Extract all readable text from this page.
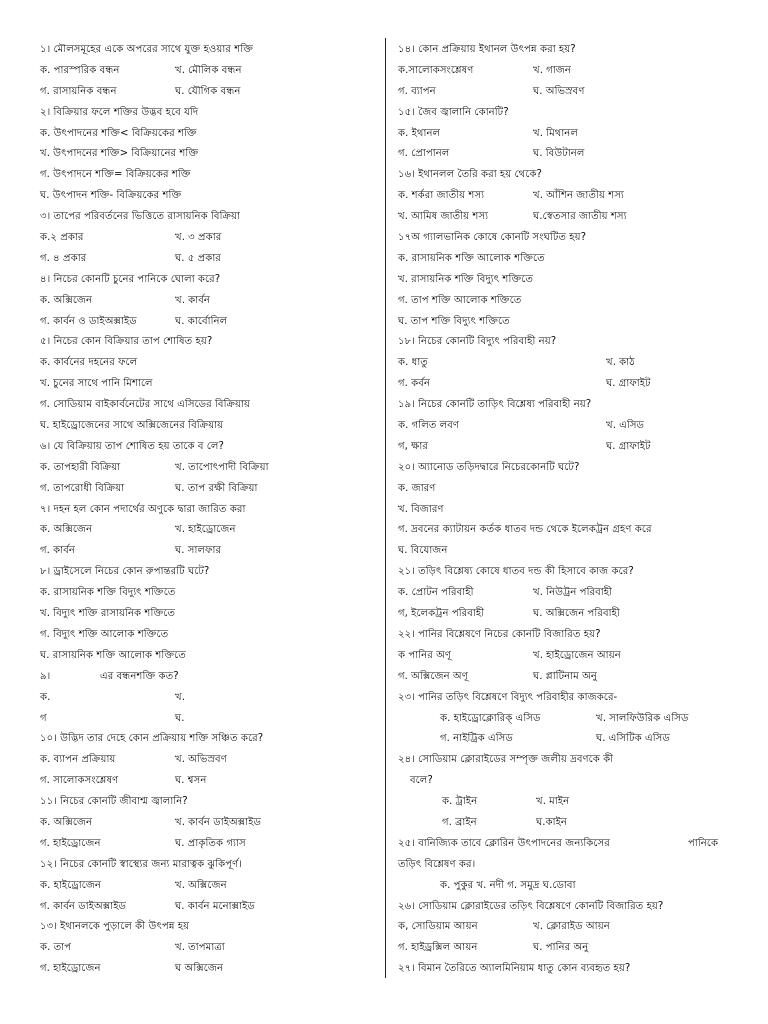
১। মৌলসমূহের একে অপরের সাথে যুক্ত হওয়ার শক্তি
ক. পারস্পরিক বন্ধন	খ. মৌলিক বন্ধন
গ. রাসায়নিক বন্ধন	ঘ. যৌগিক বন্ধন
২। বিক্রিয়ার ফলে শক্তির উদ্ভব হবে যদি
ক. উৎপাদনের শক্তি< বিক্রিয়কের শক্তি
খ. উৎপাদনের শক্তি> বিক্রিয়ানের শক্তি
গ. উৎপাদনে শক্তি= বিক্রিয়কের শক্তি
ঘ. উৎপাদন শক্তি- বিক্রিয়কের শক্তি
৩। তাপের পরিবর্তনের ভিত্তিতে রাসায়নিক বিক্রিয়া
ক.২ প্রকার	খ. ৩ প্রকার
গ. ৪ প্রকার	ঘ. ৫ প্রকার
৪। নিচের কোনটি চুনের পানিকে ঘোলা করে?
ক. অক্সিজেন	খ. কার্বন
গ. কার্বন ও ডাইঅক্সাইড	ঘ. কার্বোনিল
৫। নিচের কোন বিক্রিয়ার তাপ শোষিত হয়?
ক. কার্বনের দহনের ফলে
খ. চুনের সাথে পানি মিশালে
গ. সোডিয়াম বাইকার্বনেটের সাথে এসিডের বিক্রিয়ায়
ঘ. হাইড্রোজেনের সাথে অক্সিজেনের বিক্রিয়ায়
৬। যে বিক্রিয়ায় তাপ শোষিত হয় তাকে ব লে?
ক. তাপহারী বিক্রিয়া	খ. তাপোৎপাদী বিক্রিয়া
গ. তাপরোধী বিক্রিয়া	ঘ. তাপ রক্ষী বিক্রিয়া
৭। দহন হল কোন পদার্থের অণুকে দ্বারা জারিত করা
ক. অক্সিজেন	খ. হাইড্রোজেন
গ. কার্বন	ঘ. সালফার
৮। ড্রাইসেলে নিচের কোন রুপান্তরটি ঘটে?
ক. রাসায়নিক শক্তি বিদ্যুৎ শক্তিতে
খ. বিদ্যুৎ শক্তি রাসায়নিক শক্তিতে
গ. বিদ্যুৎ শক্তি আলোক শক্তিতে
ঘ. রাসায়নিক শক্তি আলোক শক্তিতে
৯।	এর বন্ধনশক্তি কত?
ক.	খ.
গ	ঘ.
১০। উদ্ভিদ তার দেহে কোন প্রক্রিয়ায় শক্তি সঞ্চিত করে?
ক. ব্যাপন প্রক্রিয়ায়	খ. অভিস্রবণ
গ. সালোকসংশ্লেষণ	ঘ. শ্বসন
১১। নিচের কোনটি জীবাশ্ম জ্বালানি?
ক. অক্সিজেন	খ. কার্বন ডাইঅক্সাইড
গ. হাইড্রোজেন	ঘ. প্রাকৃতিক গ্যাস
১২। নিচের কোনটি স্বাস্থ্যের জন্য মারাত্বক ঝুকিপূর্ণ।
ক. হাইড্রোজেন	খ. অক্সিজেন
গ. কার্বন ডাইঅক্সাইড	ঘ. কার্বন মনোক্সাইড
১৩। ইথানলকে পুড়ালে কী উৎপন্ন হয়
ক. তাপ	খ. তাপমাত্রা
গ. হাইড্রোজেন	ঘ অক্সিজেন
১৪। কোন প্রক্রিয়ায় ইথানল উৎপন্ন করা হয়?
ক.সালোকসংশ্লেষণ	খ. গাজন
গ. ব্যাপন	ঘ. অভিস্রবণ
১৫। জৈব জ্বালানি কোনটি?
ক. ইথানল	খ. মিথানল
গ. প্রোপানল	ঘ. বিউটানল
১৬। ইথানলল তৈরি করা হয় থেকে?
ক. শর্করা জাতীয় শস্য	খ. আঁশিন জাতীয় শস্য
খ. আমিষ জাতীয় শস্য	ঘ.স্বেতসার জাতীয় শস্য
১৭অ গ্যালভানিক কোষে কোনটি সংঘটিত হয়?
ক. রাসায়নিক শক্তি আলোক শক্তিতে
খ. রাসায়নিক শক্তি বিদ্যুৎ শক্তিতে
গ. তাপ শক্তি আলোক শক্তিতে
ঘ. তাপ শক্তি বিদ্যুৎ শক্তিতে
১৮। নিচের কোনটি বিদ্যুৎ পরিবাহী নয়?
ক. ধাতু	খ. কাঠ
গ. কর্বন	ঘ. গ্রাফাইট
১৯। নিচের কোনটি তাড়িৎ বিশ্লেষ্য পরিবাহী নয়?
ক. গলিত লবণ	খ. এসিড
গ, ক্ষার	ঘ. গ্রাফাইট
২০। অ্যানোড তড়িদদ্বারে নিচেরকোনটি ঘটে?
ক. জারণ
খ. বিজারণ
গ. দ্রবনের ক্যাটায়ন কর্তক ধাতব দন্ড থেকে ইলেকট্রন গ্রহণ করে
ঘ. বিযোজন
২১। তড়িৎ বিশ্লেষ্য কোষে ধাতব দন্ড কী হিসাবে কাজ করে?
ক. প্রোটন পরিবাহী	খ. নিউট্রন পরিবাহী
গ, ইলেকট্রন পরিবাহী	ঘ. অক্সিজেন পরিবাহী
২২। পানির বিশ্লেষণে নিচের কোনটি বিজারিত হয়?
ক পানির অণূ	খ. হাইড্রোজেন আয়ন
গ. অক্সিজেন অণূ	ঘ. প্লাটিনাম অনু
২৩। পানির তড়িৎ বিশ্লেষণে বিদ্যুৎ পরিবাহীর কাজকরে-
ক. হাইড্রোক্লোরিক্ এসিড	খ. সালফিউরিক এসিড
গ. নাইট্রিক এসিড	ঘ. এসিটিক এসিড
২৪। সোডিয়াম ক্লোরাইডের সম্পৃক্ত জলীয় দ্রবণকে কী
বলে?
ক. ট্রাইন	খ. মাইন
গ. ব্রাইন	ঘ.কাইন
২৫। বানিজ্যিক তাবে ক্লোরিন উৎপাদনের জন্যকিসের	পানিকে
তড়িৎ বিশ্লেষণ কর।
ক. পুকুর খ. নদী গ. সমুদ্র ঘ.ডোবা
২৬। সোডিয়াম ক্লোরাইডের তড়িৎ বিশ্লেষণে কোনটি বিজারিত হয়?
ক, সোডিয়াম আয়ন	খ. ক্লোরাইড আয়ন
গ. হাইড্রক্সিল আয়ন	ঘ. পানির অনু
২৭। বিমান তৈরিতে অ্যালমিনিয়াম ধাতু কোন ব্যবহৃত হয়?
